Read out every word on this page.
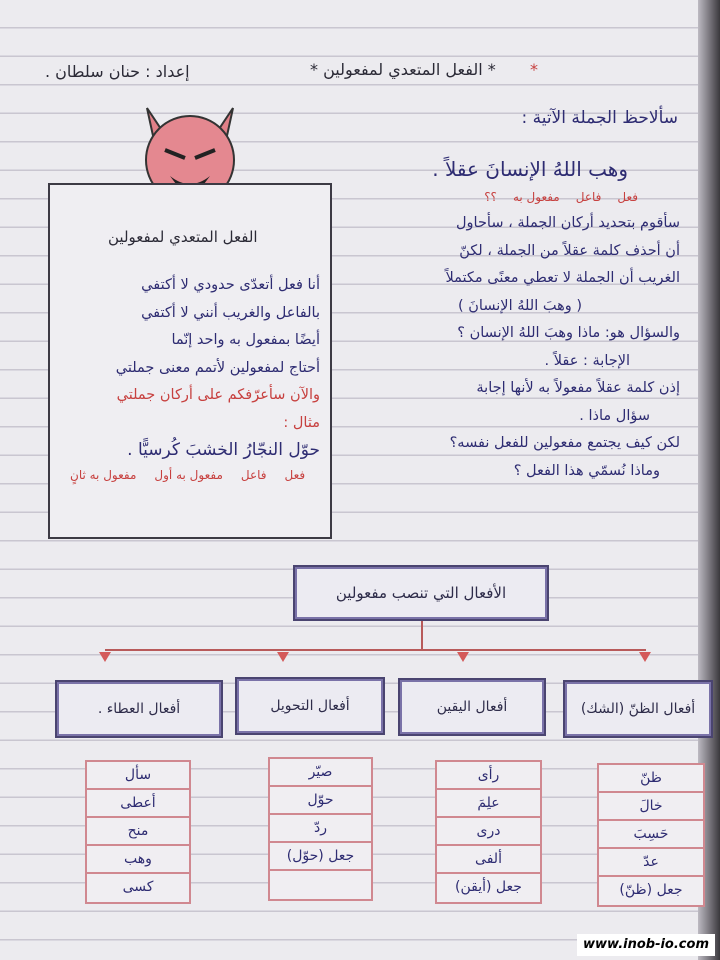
*
* الفعل المتعدي لمفعولين *
إعداد : حنان سلطان .
سألاحظ الجملة الآتية :
وهب اللهُ الإنسانَ عقلاً .
فعل
فاعل
مفعول به
؟؟
سأقوم بتحديد أركان الجملة ، سأحاول
أن أحذف كلمة عقلاً من الجملة ، لكنّ
الغريب أن الجملة لا تعطي معنًى مكتملاً
( وهبَ اللهُ الإنسانَ )
والسؤال هو: ماذا وهبَ اللهُ الإنسان ؟
الإجابة : عقلاً .
إذن كلمة عقلاً مفعولاً به لأنها إجابة
سؤال ماذا .
لكن كيف يجتمع مفعولين للفعل نفسه؟
وماذا نُسمّي هذا الفعل ؟
الفعل المتعدي لمفعولين
أنا فعل أتعدّى حدودي لا أكتفي
بالفاعل والغريب أنني لا أكتفي
أيضًا بمفعول به واحد إنّما
أحتاج لمفعولين لأتمم معنى جملتي
والآن سأعرّفكم على أركان جملتي
مثال :
حوّل النجّارُ الخشبَ كُرسيًّا .
فعل
فاعل
مفعول به أول
مفعول به ثانٍ
الأفعال التي تنصب مفعولين
أفعال الظنّ (الشك)
أفعال اليقين
أفعال التحويل
أفعال العطاء .
ظنّ
خالَ
حَسِبَ
عدّ
جعل (ظنّ)
رأى
علِمَ
درى
ألفى
جعل (أيقن)
صيّر
حوّل
ردّ
جعل (حوّل)
سأل
أعطى
منح
وهب
كسى
www.inob-io.com
